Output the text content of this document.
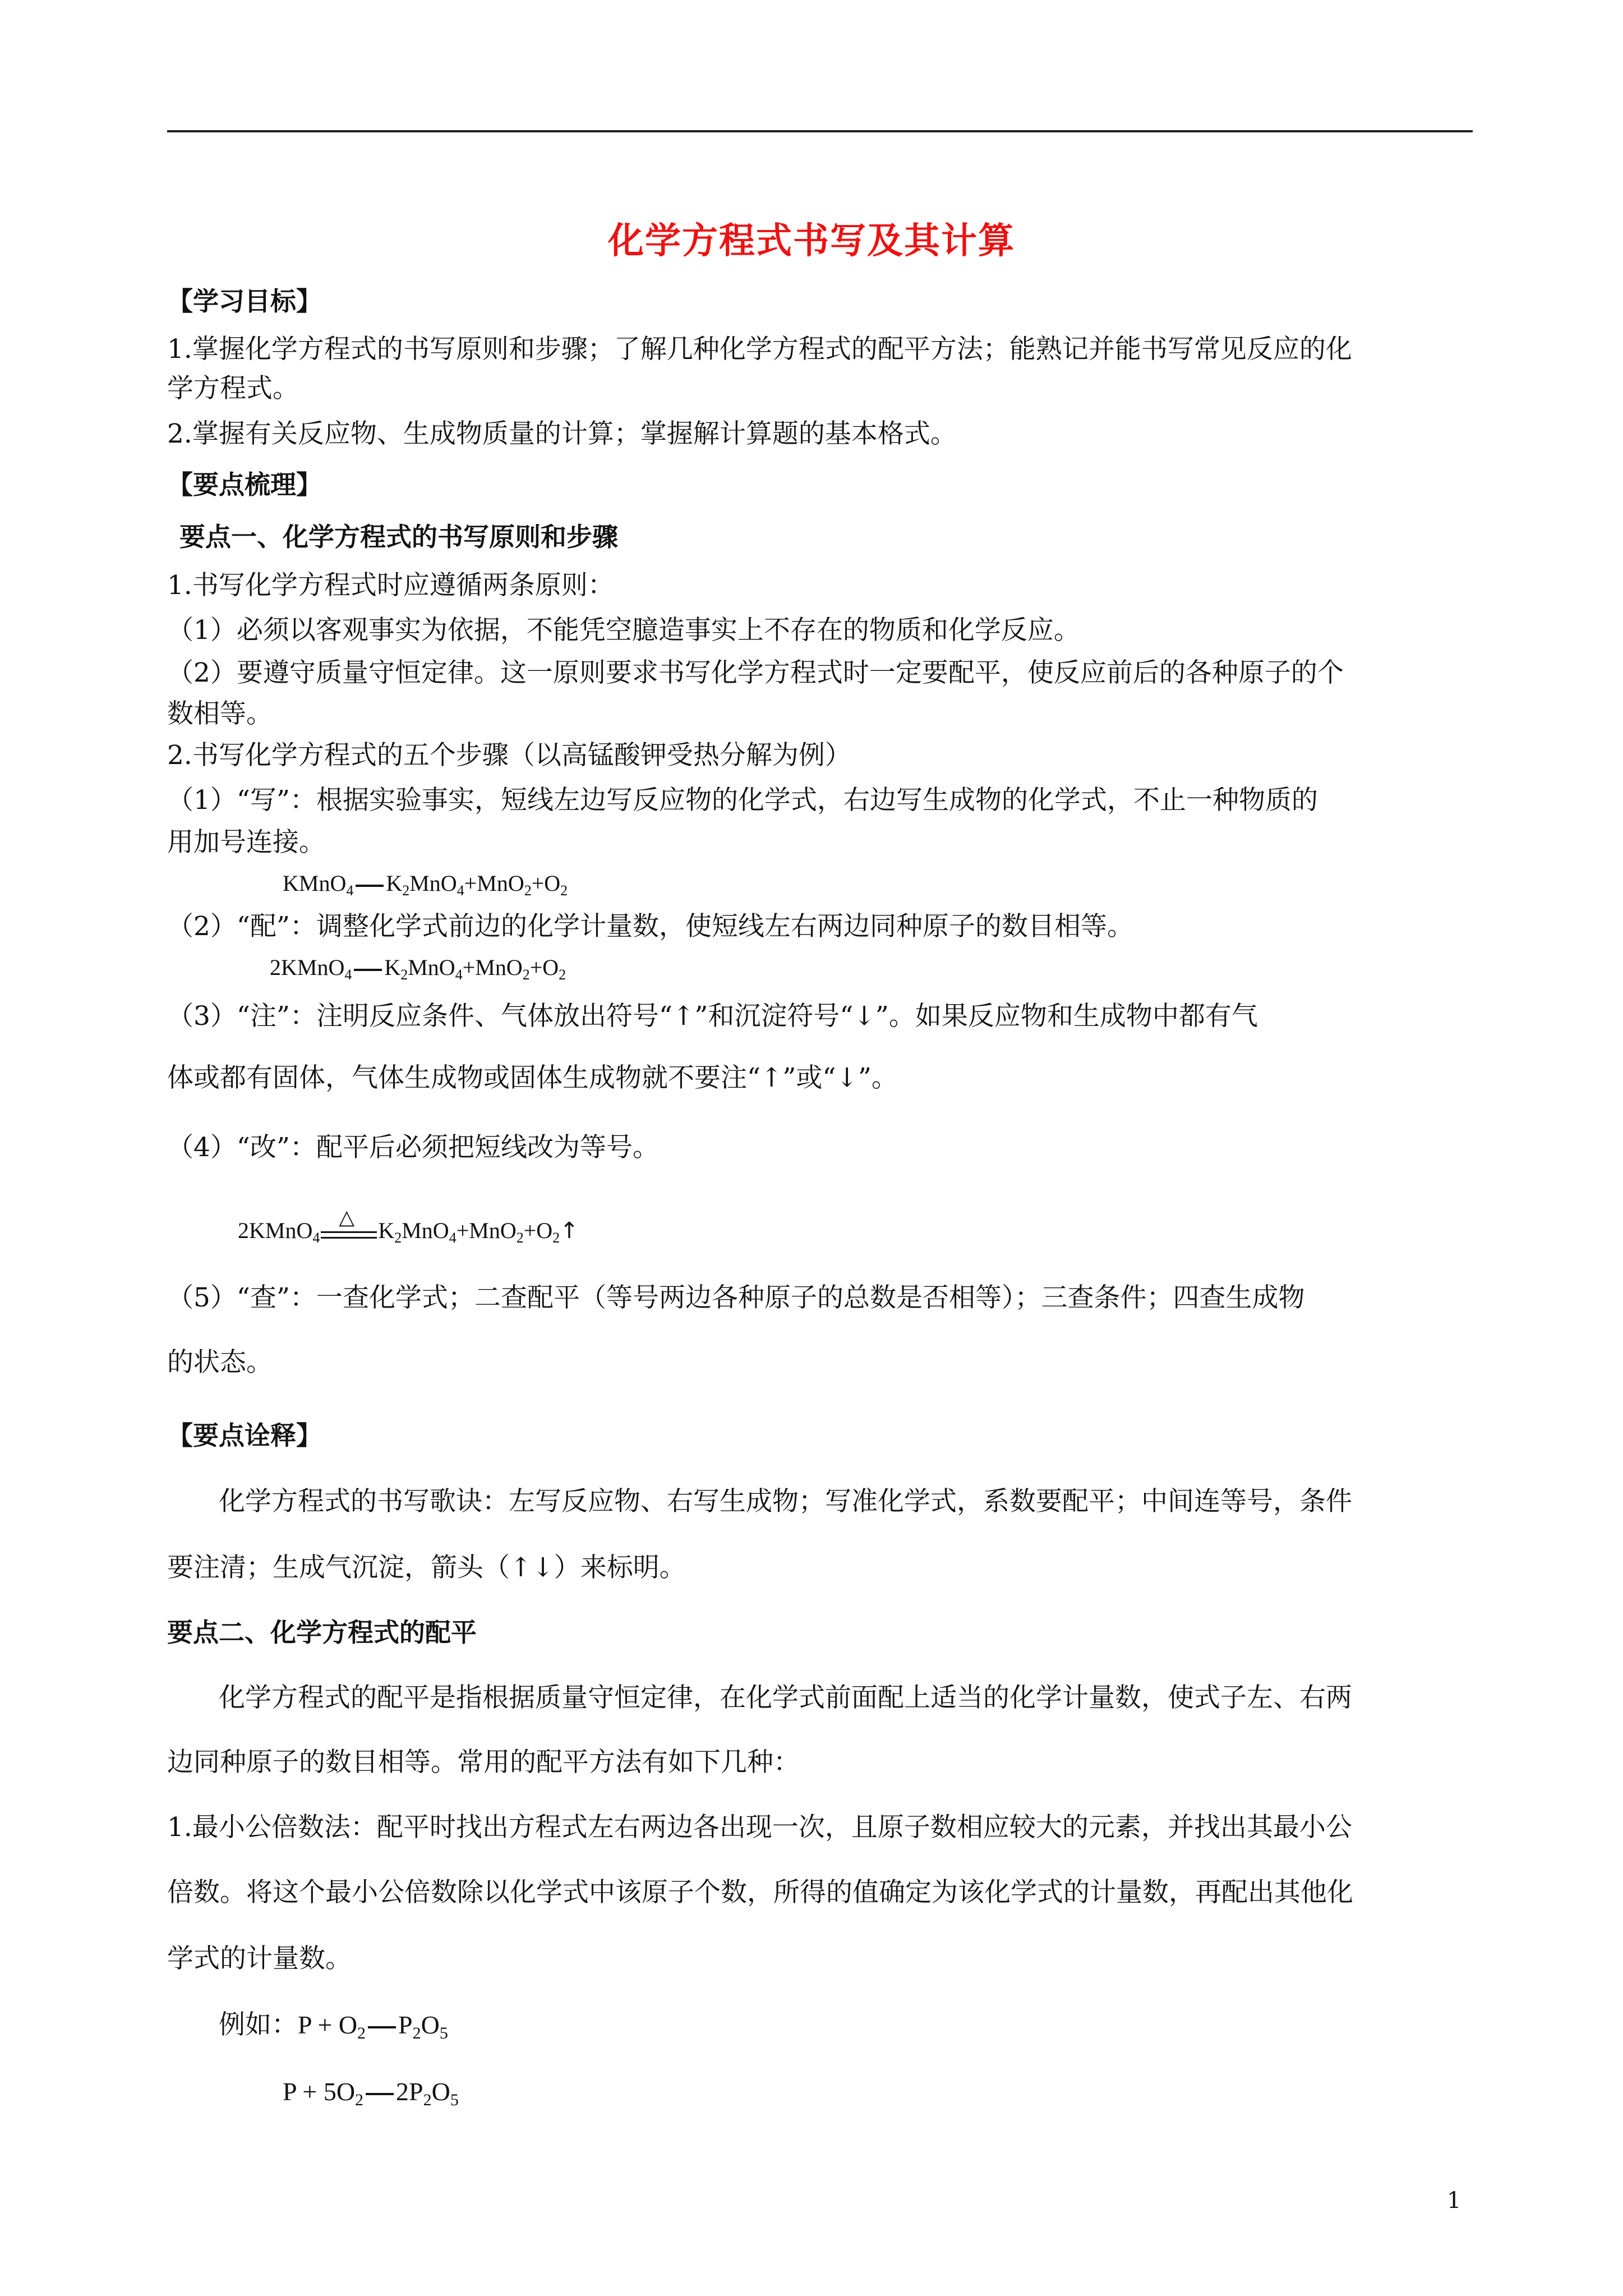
化学方程式书写及其计算
【学习目标】
1.掌握化学方程式的书写原则和步骤；了解几种化学方程式的配平方法；能熟记并能书写常见反应的化
学方程式。
2.掌握有关反应物、生成物质量的计算；掌握解计算题的基本格式。
【要点梳理】
要点一、化学方程式的书写原则和步骤
1.书写化学方程式时应遵循两条原则：
（1）必须以客观事实为依据，不能凭空臆造事实上不存在的物质和化学反应。
（2）要遵守质量守恒定律。这一原则要求书写化学方程式时一定要配平，使反应前后的各种原子的个
数相等。
2.书写化学方程式的五个步骤（以高锰酸钾受热分解为例）
（1）“写”：根据实验事实，短线左边写反应物的化学式，右边写生成物的化学式，不止一种物质的
用加号连接。
KMnO$_4$ $K_2MnO_4+MnO_2+O_2$
（2）“配”：调整化学式前边的化学计量数，使短线左右两边同种原子的数目相等。
2KMnO$_4$ $K_2MnO_4+MnO_2+O_2$
（3）“注”：注明反应条件、气体放出符号“↑”和沉淀符号“↓”。如果反应物和生成物中都有气
体或都有固体，气体生成物或固体生成物就不要注“↑”或“↓”。
（4）“改”：配平后必须把短线改为等号。
2KMnO$_4$
△
$K_2MnO_4+MnO_2+O_2↑$
（5）“查”：一查化学式；二查配平（等号两边各种原子的总数是否相等）；三查条件；四查生成物
的状态。
【要点诠释】
化学方程式的书写歌诀：左写反应物、右写生成物；写准化学式，系数要配平；中间连等号，条件
要注清；生成气沉淀，箭头（↑↓）来标明。
要点二、化学方程式的配平
化学方程式的配平是指根据质量守恒定律，在化学式前面配上适当的化学计量数，使式子左、右两
边同种原子的数目相等。常用的配平方法有如下几种：
1.最小公倍数法：配平时找出方程式左右两边各出现一次，且原子数相应较大的元素，并找出其最小公
倍数。将这个最小公倍数除以化学式中该原子个数，所得的值确定为该化学式的计量数，再配出其他化
学式的计量数。
例如：$P + O_2$ $P_2O_5$
$P + 5O_2$ $2P_2O_5$
1
